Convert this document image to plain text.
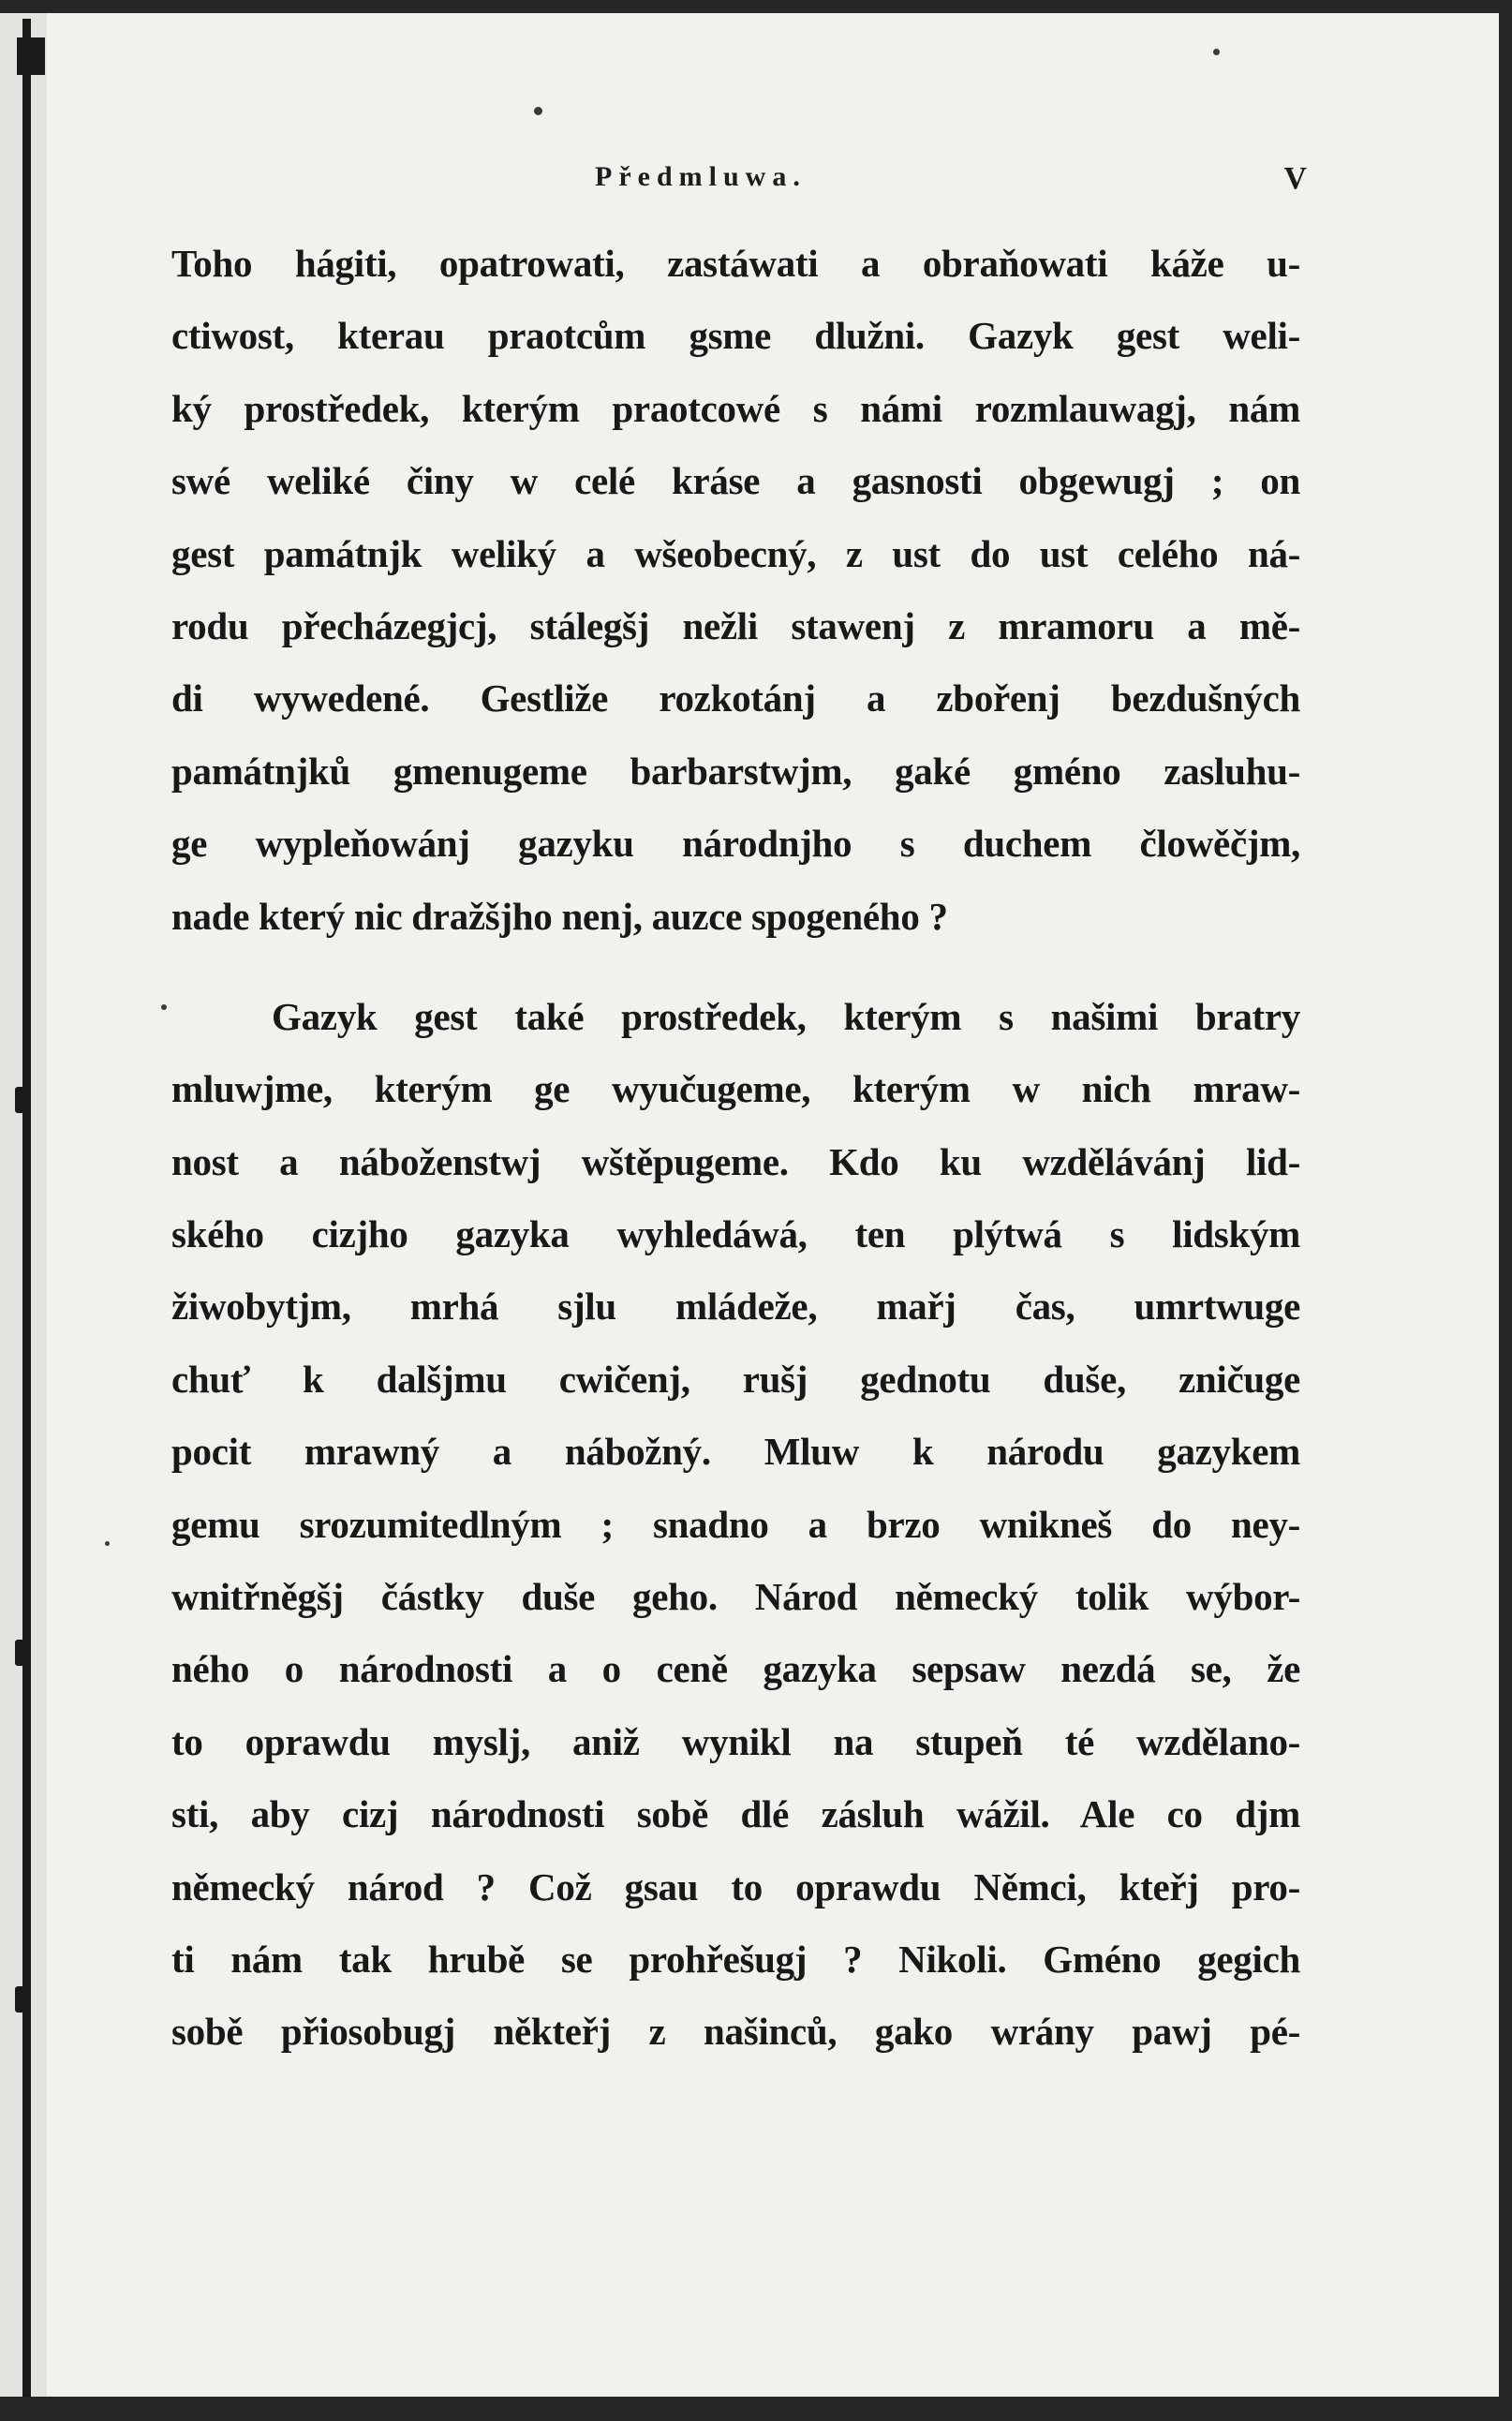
Předmluwa.	V
Toho hágiti, opatrowati, zastáwati a obraňowati káže u-
ctiwost, kterau praotcům gsme dlužni. Gazyk gest weli-
ký prostředek, kterým praotcowé s námi rozmlauwagj, nám
swé weliké činy w celé kráse a gasnosti obgewugj ; on
gest památnjk weliký a wšeobecný, z ust do ust celého ná-
rodu přecházegjcj, stálegšj nežli stawenj z mramoru a mě-
di wywedené. Gestliže rozkotánj a zbořenj bezdušných
památnjků gmenugeme barbarstwjm, gaké gméno zasluhu-
ge wypleňowánj gazyku národnjho s duchem člowěčjm,
nade který nic dražšjho nenj, auzce spogeného ?
Gazyk gest také prostředek, kterým s našimi bratry
mluwjme, kterým ge wyučugeme, kterým w nich mraw-
nost a náboženstwj wštěpugeme. Kdo ku wzdělávánj lid-
ského cizjho gazyka wyhledáwá, ten plýtwá s lidským
žiwobytjm, mrhá sjlu mládeže, mařj čas, umrtwuge
chuť k dalšjmu cwičenj, rušj gednotu duše, zničuge
pocit mrawný a nábožný. Mluw k národu gazykem
gemu srozumitedlným ; snadno a brzo wnikneš do ney-
wnitřněgšj částky duše geho. Národ německý tolik wýbor-
ného o národnosti a o ceně gazyka sepsaw nezdá se, že
to oprawdu myslj, aniž wynikl na stupeň té wzdělano-
sti, aby cizj národnosti sobě dlé zásluh wážil. Ale co djm
německý národ ? Což gsau to oprawdu Němci, kteřj pro-
ti nám tak hrubě se prohřešugj ? Nikoli. Gméno gegich
sobě přiosobugj někteřj z našinců, gako wrány pawj pé-
